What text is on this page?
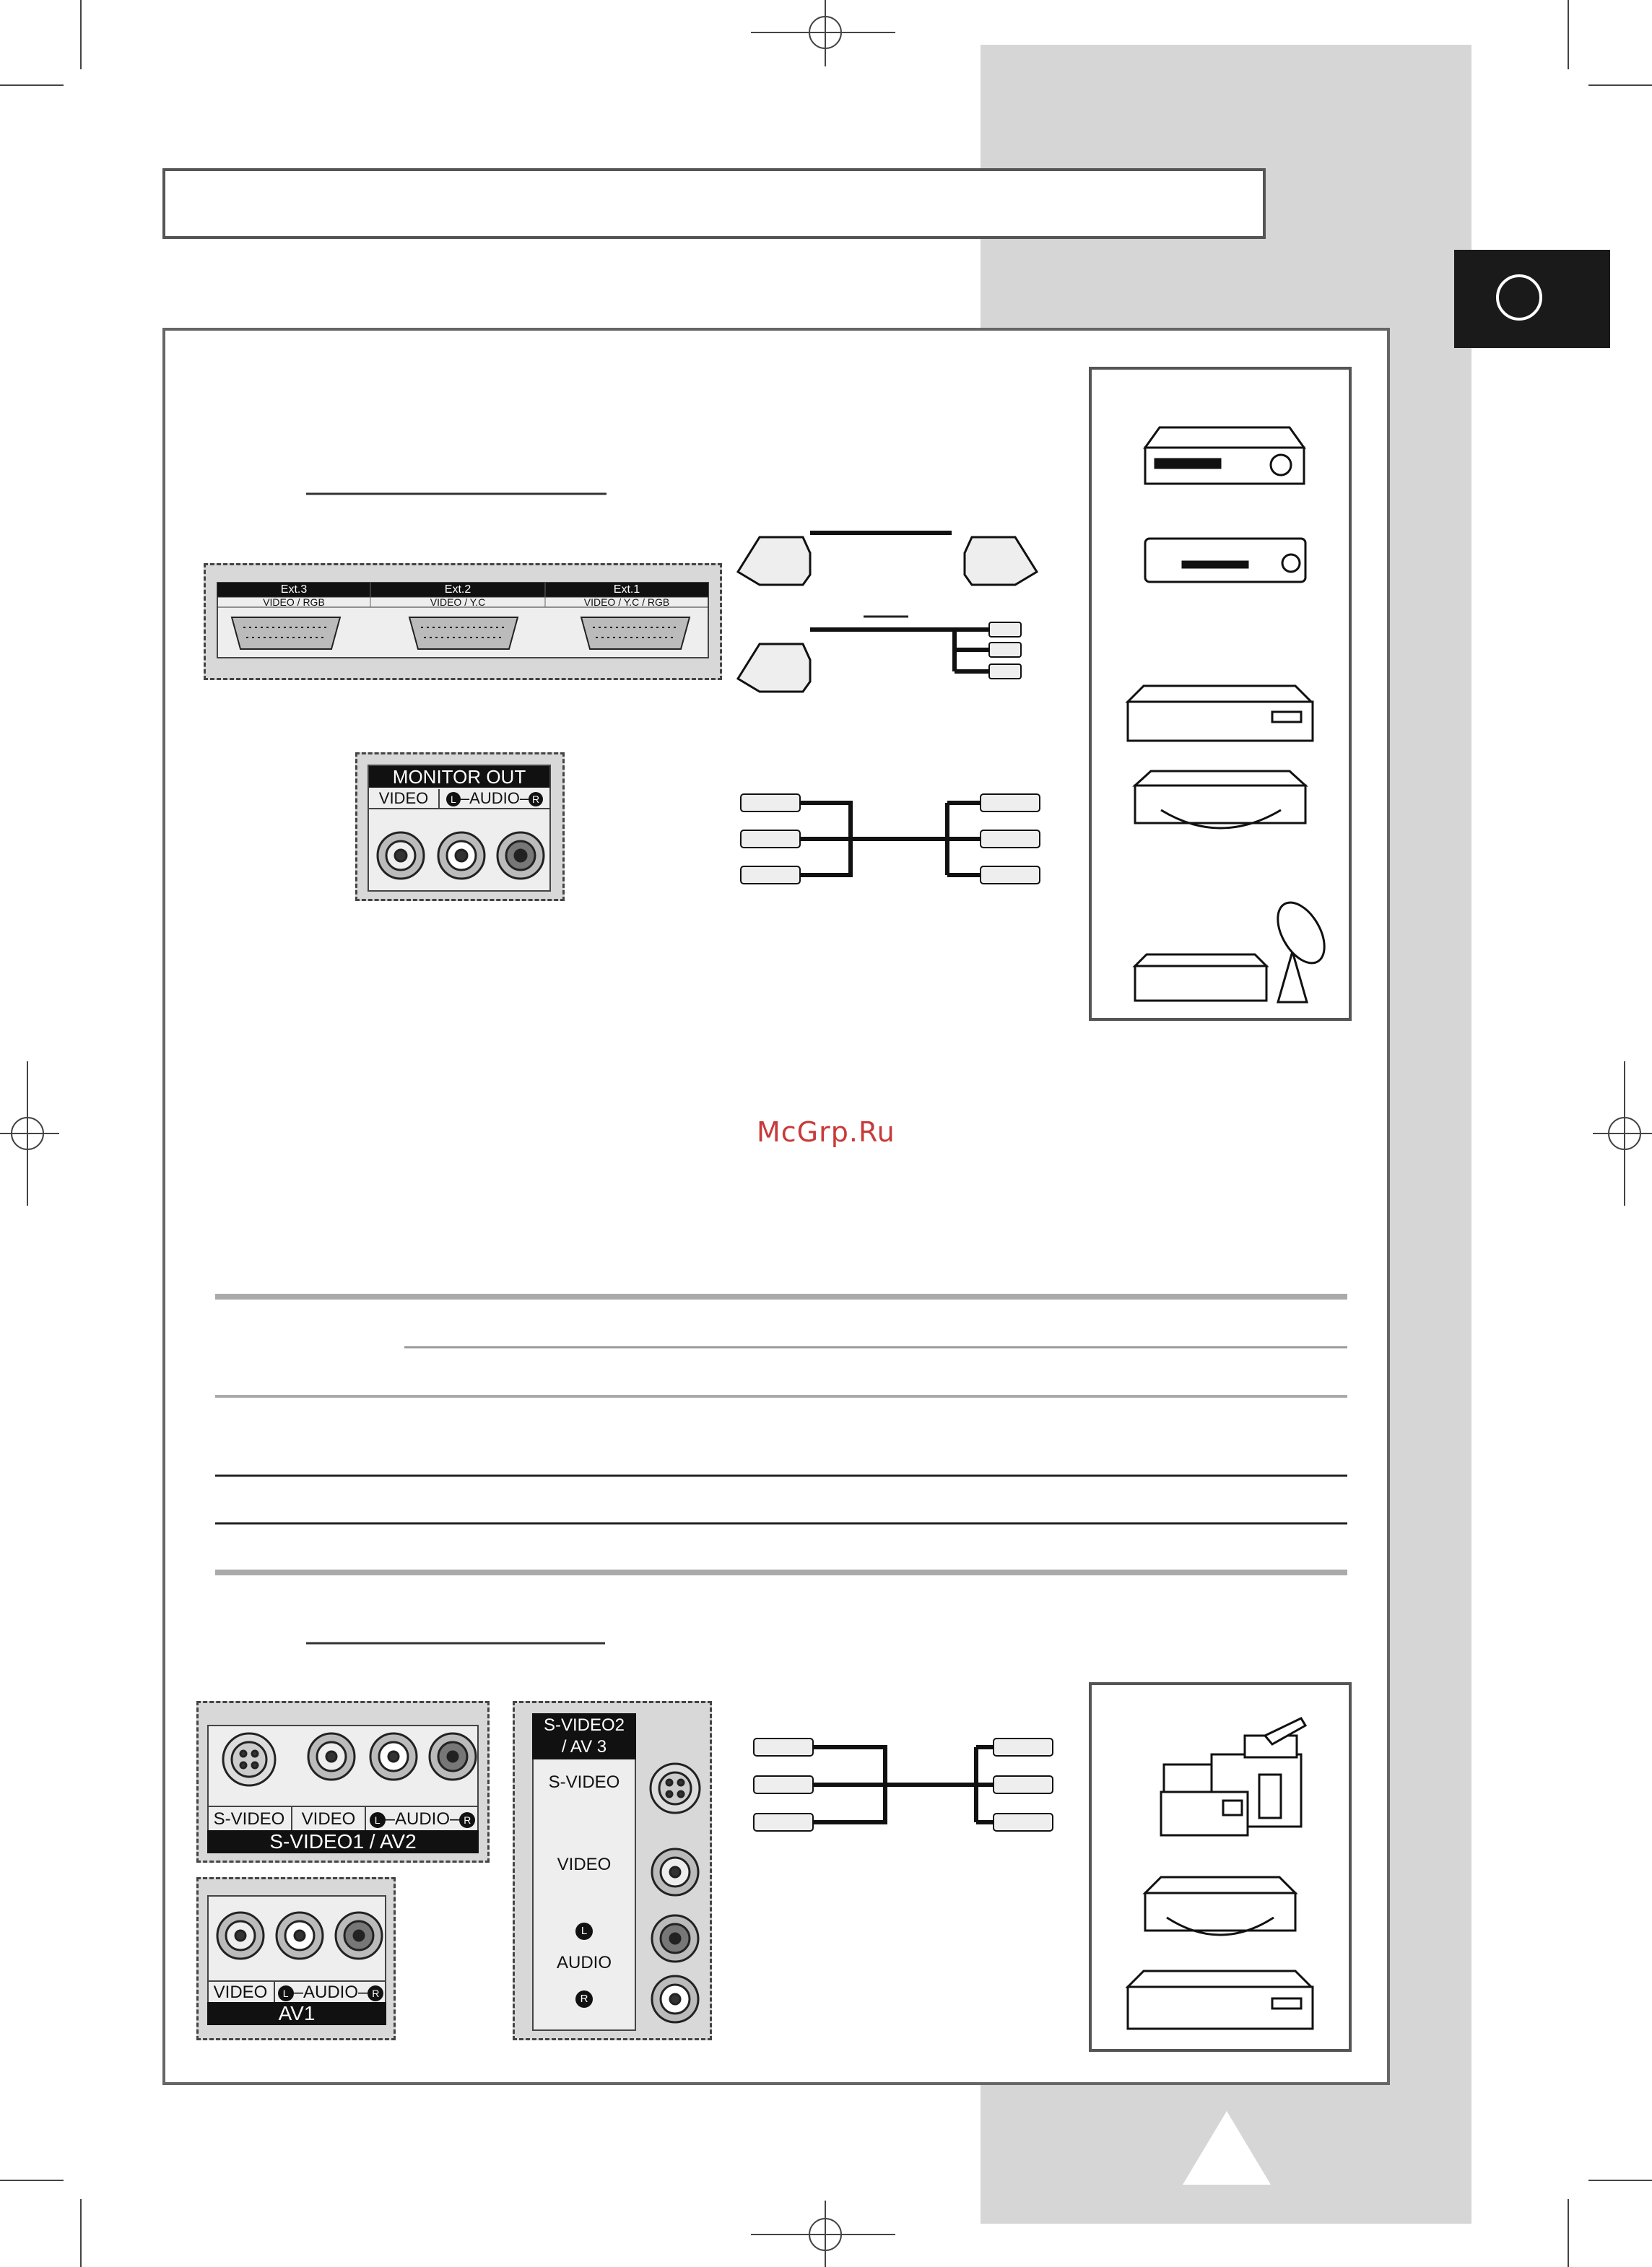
Ext.3
VIDEO / RGB
Ext.2
VIDEO / Y.C
Ext.1
VIDEO / Y.C / RGB
MONITOR OUT
VIDEO	L –AUDIO– R
McGrp.Ru
S-VIDEO VIDEO	L –AUDIO– R
S-VIDEO1 / AV2
VIDEO	L –AUDIO– R
AV1
S-VIDEO2
/ AV 3
S-VIDEO
VIDEO
L
AUDIO
R
